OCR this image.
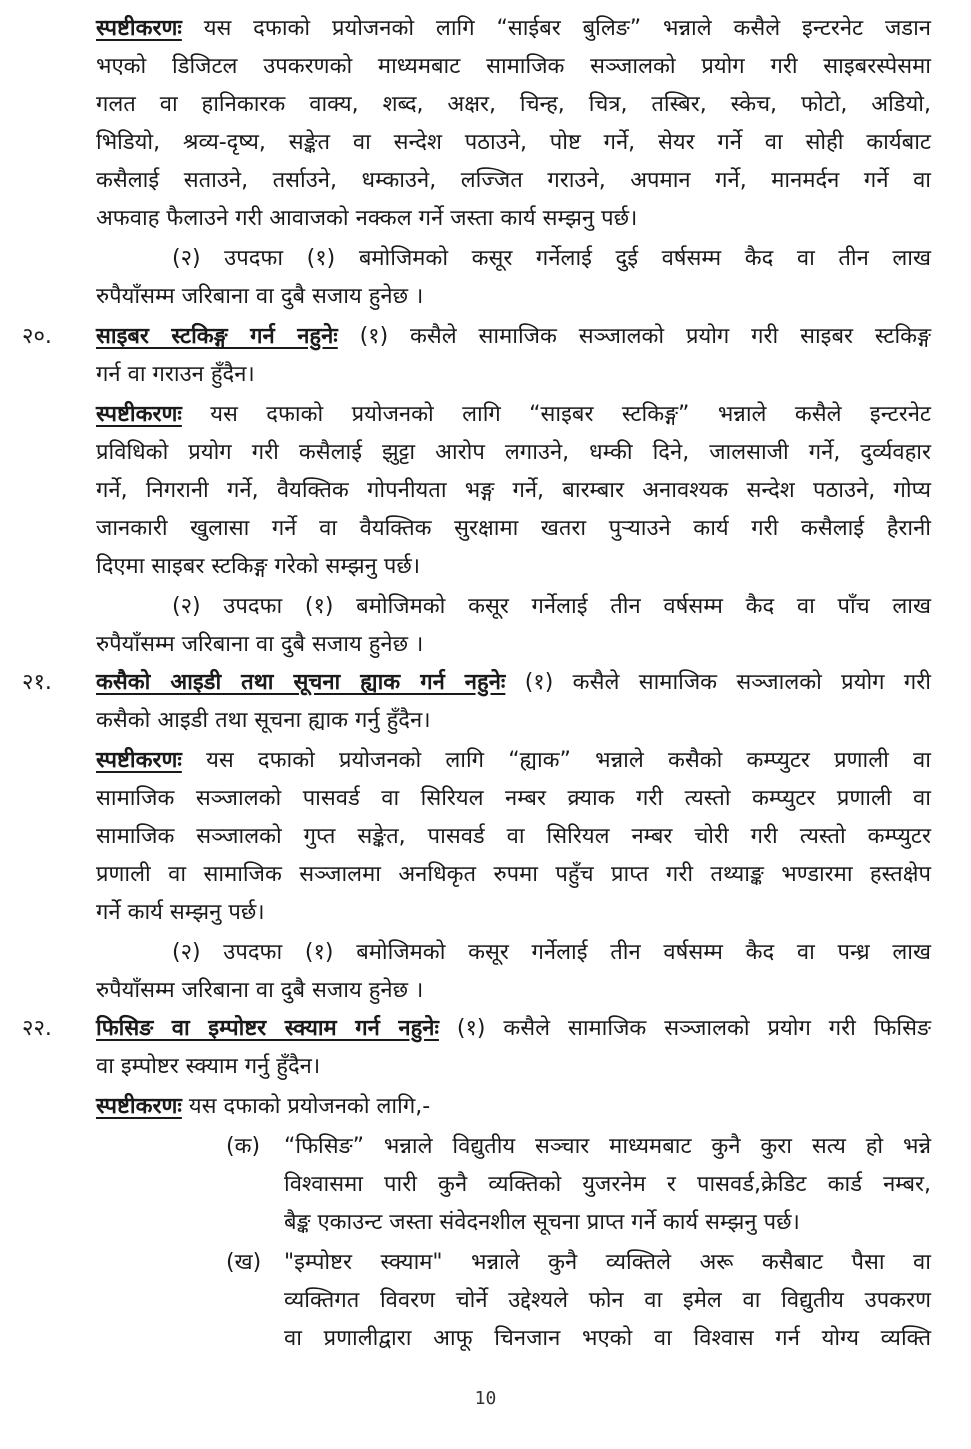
स्पष्टीकरणः यस दफाको प्रयोजनको लागि “साईबर बुलिङ” भन्नाले कसैले इन्टरनेट जडान
भएको डिजिटल उपकरणको माध्यमबाट सामाजिक सञ्जालको प्रयोग गरी साइबरस्पेसमा
गलत वा हानिकारक वाक्य, शब्द, अक्षर, चिन्ह, चित्र, तस्बिर, स्केच, फोटो, अडियो,
भिडियो, श्रव्य-दृष्य, सङ्केत वा सन्देश पठाउने, पोष्ट गर्ने, सेयर गर्ने वा सोही कार्यबाट
कसैलाई सताउने, तर्साउने, धम्काउने, लज्जित गराउने, अपमान गर्ने, मानमर्दन गर्ने वा
अफवाह फैलाउने गरी आवाजको नक्कल गर्ने जस्ता कार्य सम्झनु पर्छ।
(२) उपदफा (१) बमोजिमको कसूर गर्नेलाई दुई वर्षसम्म कैद वा तीन लाख
रुपैयाँसम्म जरिबाना वा दुबै सजाय हुनेछ ।
२०. साइबर स्टकिङ्ग गर्न नहुनेः (१) कसैले सामाजिक सञ्जालको प्रयोग गरी साइबर स्टकिङ्ग
गर्न वा गराउन हुँदैन।
स्पष्टीकरणः यस दफाको प्रयोजनको लागि “साइबर स्टकिङ्ग” भन्नाले कसैले इन्टरनेट
प्रविधिको प्रयोग गरी कसैलाई झुट्टा आरोप लगाउने, धम्की दिने, जालसाजी गर्ने, दुर्व्यवहार
गर्ने, निगरानी गर्ने, वैयक्तिक गोपनीयता भङ्ग गर्ने, बारम्बार अनावश्यक सन्देश पठाउने, गोप्य
जानकारी खुलासा गर्ने वा वैयक्तिक सुरक्षामा खतरा पुऱ्याउने कार्य गरी कसैलाई हैरानी
दिएमा साइबर स्टकिङ्ग गरेको सम्झनु पर्छ।
(२) उपदफा (१) बमोजिमको कसूर गर्नेलाई तीन वर्षसम्म कैद वा पाँच लाख
रुपैयाँसम्म जरिबाना वा दुबै सजाय हुनेछ ।
२१. कसैको आइडी तथा सूचना ह्याक गर्न नहुनेः (१) कसैले सामाजिक सञ्जालको प्रयोग गरी
कसैको आइडी तथा सूचना ह्याक गर्नु हुँदैन।
स्पष्टीकरणः यस दफाको प्रयोजनको लागि “ह्याक” भन्नाले कसैको कम्प्युटर प्रणाली वा
सामाजिक सञ्जालको पासवर्ड वा सिरियल नम्बर क्र्याक गरी त्यस्तो कम्प्युटर प्रणाली वा
सामाजिक सञ्जालको गुप्त सङ्केत, पासवर्ड वा सिरियल नम्बर चोरी गरी त्यस्तो कम्प्युटर
प्रणाली वा सामाजिक सञ्जालमा अनधिकृत रुपमा पहुँच प्राप्त गरी तथ्याङ्क भण्डारमा हस्तक्षेप
गर्ने कार्य सम्झनु पर्छ।
(२) उपदफा (१) बमोजिमको कसूर गर्नेलाई तीन वर्षसम्म कैद वा पन्ध्र लाख
रुपैयाँसम्म जरिबाना वा दुबै सजाय हुनेछ ।
२२. फिसिङ वा इम्पोष्टर स्क्याम गर्न नहुनेः (१) कसैले सामाजिक सञ्जालको प्रयोग गरी फिसिङ
वा इम्पोष्टर स्क्याम गर्नु हुँदैन।
स्पष्टीकरणः यस दफाको प्रयोजनको लागि,-
(क) “फिसिङ” भन्नाले विद्युतीय सञ्चार माध्यमबाट कुनै कुरा सत्य हो भन्ने
विश्वासमा पारी कुनै व्यक्तिको युजरनेम र पासवर्ड,क्रेडिट कार्ड नम्बर,
बैङ्क एकाउन्ट जस्ता संवेदनशील सूचना प्राप्त गर्ने कार्य सम्झनु पर्छ।
(ख) "इम्पोष्टर स्क्याम" भन्नाले कुनै व्यक्तिले अरू कसैबाट पैसा वा
व्यक्तिगत विवरण चोर्ने उद्देश्यले फोन वा इमेल वा विद्युतीय उपकरण
वा प्रणालीद्वारा आफू चिनजान भएको वा विश्वास गर्न योग्य व्यक्ति
10
